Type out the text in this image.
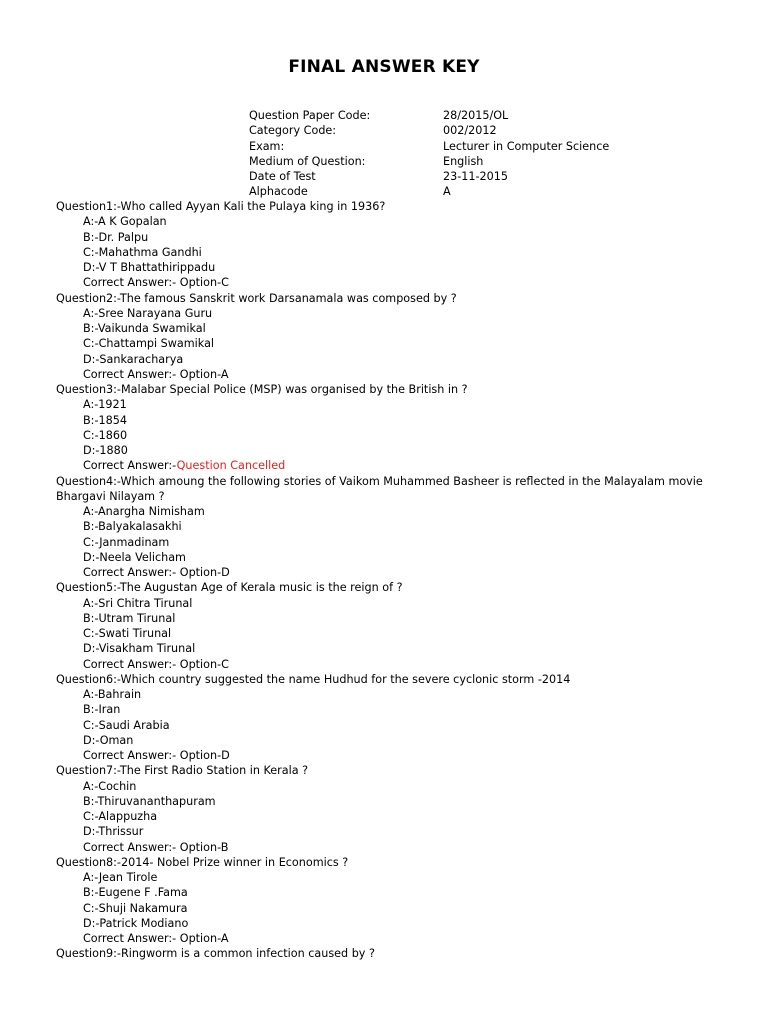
FINAL ANSWER KEY
Question Paper Code:	28/2015/OL
Category Code:	002/2012
Exam:	Lecturer in Computer Science
Medium of Question:	English
Date of Test	23-11-2015
Alphacode	A
Question1:-Who called Ayyan Kali the Pulaya king in 1936?
A:-A K Gopalan
B:-Dr. Palpu
C:-Mahathma Gandhi
D:-V T Bhattathirippadu
Correct Answer:- Option-C
Question2:-The famous Sanskrit work Darsanamala was composed by ?
A:-Sree Narayana Guru
B:-Vaikunda Swamikal
C:-Chattampi Swamikal
D:-Sankaracharya
Correct Answer:- Option-A
Question3:-Malabar Special Police (MSP) was organised by the British in ?
A:-1921
B:-1854
C:-1860
D:-1880
Correct Answer:-Question Cancelled
Question4:-Which amoung the following stories of Vaikom Muhammed Basheer is reflected in the Malayalam movie Bhargavi Nilayam ?
A:-Anargha Nimisham
B:-Balyakalasakhi
C:-Janmadinam
D:-Neela Velicham
Correct Answer:- Option-D
Question5:-The Augustan Age of Kerala music is the reign of ?
A:-Sri Chitra Tirunal
B:-Utram Tirunal
C:-Swati Tirunal
D:-Visakham Tirunal
Correct Answer:- Option-C
Question6:-Which country suggested the name Hudhud for the severe cyclonic storm -2014
A:-Bahrain
B:-Iran
C:-Saudi Arabia
D:-Oman
Correct Answer:- Option-D
Question7:-The First Radio Station in Kerala ?
A:-Cochin
B:-Thiruvananthapuram
C:-Alappuzha
D:-Thrissur
Correct Answer:- Option-B
Question8:-2014- Nobel Prize winner in Economics ?
A:-Jean Tirole
B:-Eugene F .Fama
C:-Shuji Nakamura
D:-Patrick Modiano
Correct Answer:- Option-A
Question9:-Ringworm is a common infection caused by ?
